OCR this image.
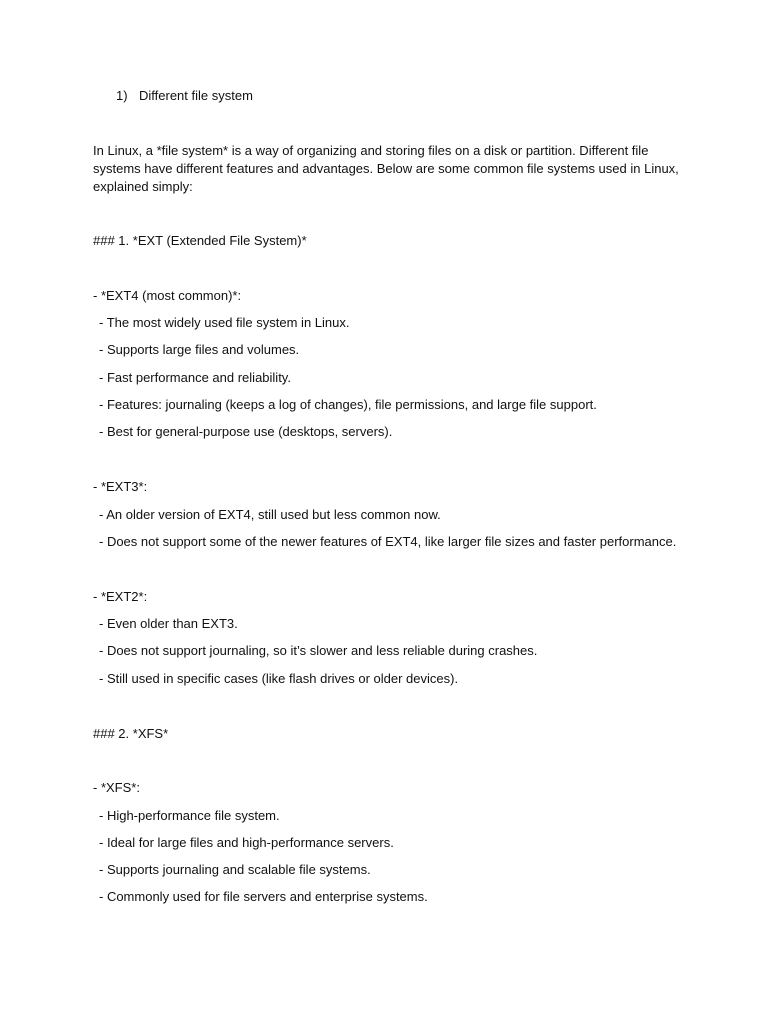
1) Different file system
In Linux, a *file system* is a way of organizing and storing files on a disk or partition. Different file systems have different features and advantages. Below are some common file systems used in Linux, explained simply:
### 1. *EXT (Extended File System)*
- *EXT4 (most common)*:
- The most widely used file system in Linux.
- Supports large files and volumes.
- Fast performance and reliability.
- Features: journaling (keeps a log of changes), file permissions, and large file support.
- Best for general-purpose use (desktops, servers).
- *EXT3*:
- An older version of EXT4, still used but less common now.
- Does not support some of the newer features of EXT4, like larger file sizes and faster performance.
- *EXT2*:
- Even older than EXT3.
- Does not support journaling, so it’s slower and less reliable during crashes.
- Still used in specific cases (like flash drives or older devices).
### 2. *XFS*
- *XFS*:
- High-performance file system.
- Ideal for large files and high-performance servers.
- Supports journaling and scalable file systems.
- Commonly used for file servers and enterprise systems.
